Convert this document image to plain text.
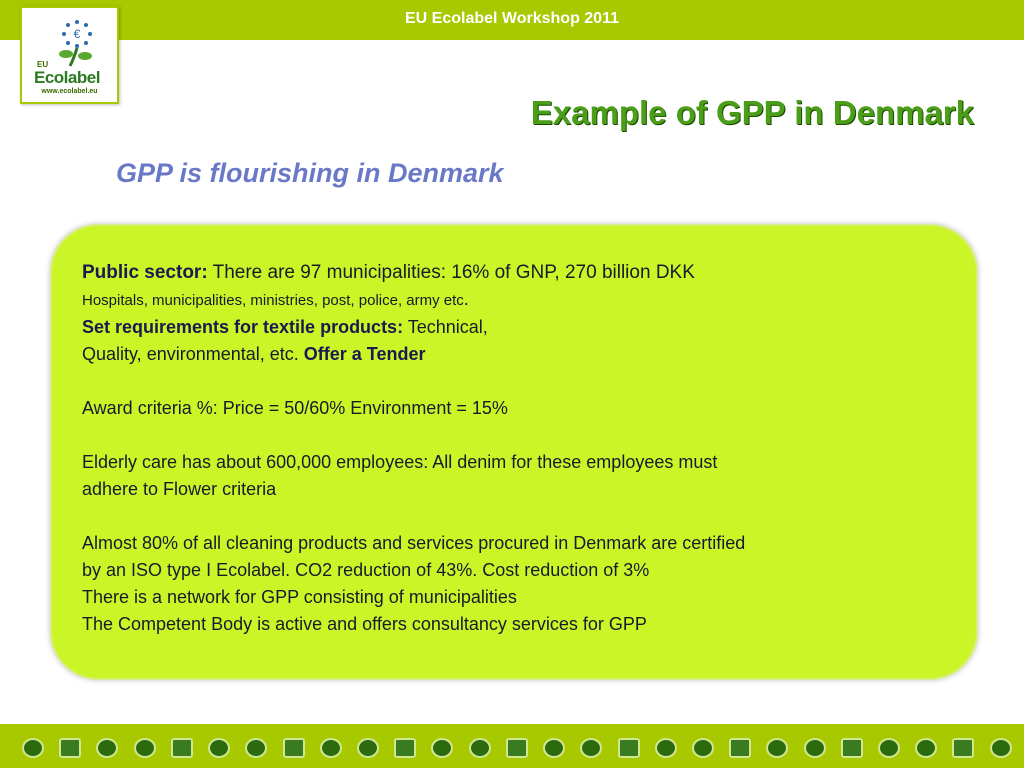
EU Ecolabel Workshop 2011
€
EU
Ecolabel
www.ecolabel.eu
Example of GPP in Denmark
GPP is flourishing in Denmark

Public sector: There are 97 municipalities: 16% of GNP, 270 billion DKK

Hospitals, municipalities, ministries, post, police, army etc.

Set requirements for textile products: Technical,

Quality, environmental, etc. Offer a Tender

Award criteria %: Price = 50/60% Environment = 15%

Elderly care has about 600,000 employees: All denim for these employees must

adhere to Flower criteria

Almost 80% of all cleaning products and services procured in Denmark are certified

by an ISO type I Ecolabel. CO2 reduction of 43%. Cost reduction of 3%

There is a network for GPP consisting of municipalities

The Competent Body is active and offers consultancy services for GPP
